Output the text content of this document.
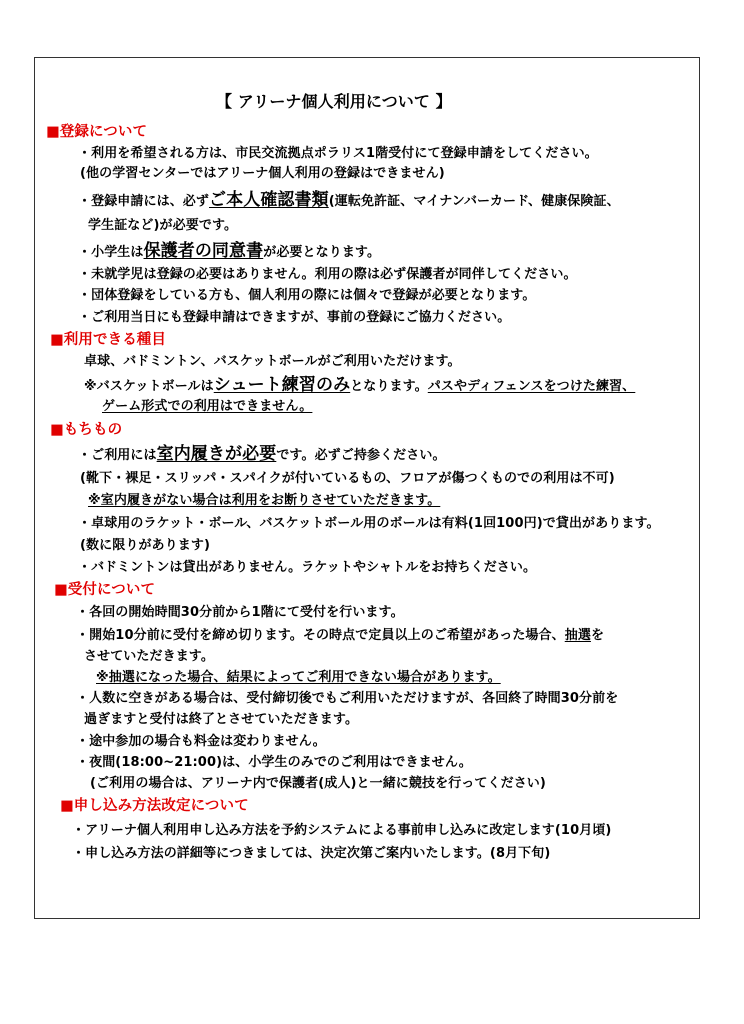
【 アリーナ個人利用について 】
■登録について
・利用を希望される方は、市民交流拠点ポラリス1階受付にて登録申請をしてください。
(他の学習センターではアリーナ個人利用の登録はできません)
・登録申請には、必ずご本人確認書類(運転免許証、マイナンバーカード、健康保険証、
学生証など)が必要です。
・小学生は保護者の同意書が必要となります。
・未就学児は登録の必要はありません。利用の際は必ず保護者が同伴してください。
・団体登録をしている方も、個人利用の際には個々で登録が必要となります。
・ご利用当日にも登録申請はできますが、事前の登録にご協力ください。
■利用できる種目
卓球、バドミントン、バスケットボールがご利用いただけます。
※バスケットボールはシュート練習のみとなります。パスやディフェンスをつけた練習、
ゲーム形式での利用はできません。
■もちもの
・ご利用には室内履きが必要です。必ずご持参ください。
(靴下・裸足・スリッパ・スパイクが付いているもの、フロアが傷つくものでの利用は不可)
※室内履きがない場合は利用をお断りさせていただきます。
・卓球用のラケット・ボール、バスケットボール用のボールは有料(1回100円)で貸出があります。
(数に限りがあります)
・バドミントンは貸出がありません。ラケットやシャトルをお持ちください。
■受付について
・各回の開始時間30分前から1階にて受付を行います。
・開始10分前に受付を締め切ります。その時点で定員以上のご希望があった場合、抽選を
させていただきます。
※抽選になった場合、結果によってご利用できない場合があります。
・人数に空きがある場合は、受付締切後でもご利用いただけますが、各回終了時間30分前を
過ぎますと受付は終了とさせていただきます。
・途中参加の場合も料金は変わりません。
・夜間(18:00~21:00)は、小学生のみでのご利用はできません。
(ご利用の場合は、アリーナ内で保護者(成人)と一緒に競技を行ってください)
■申し込み方法改定について
・アリーナ個人利用申し込み方法を予約システムによる事前申し込みに改定します(10月頃)
・申し込み方法の詳細等につきましては、決定次第ご案内いたします。(8月下旬)
